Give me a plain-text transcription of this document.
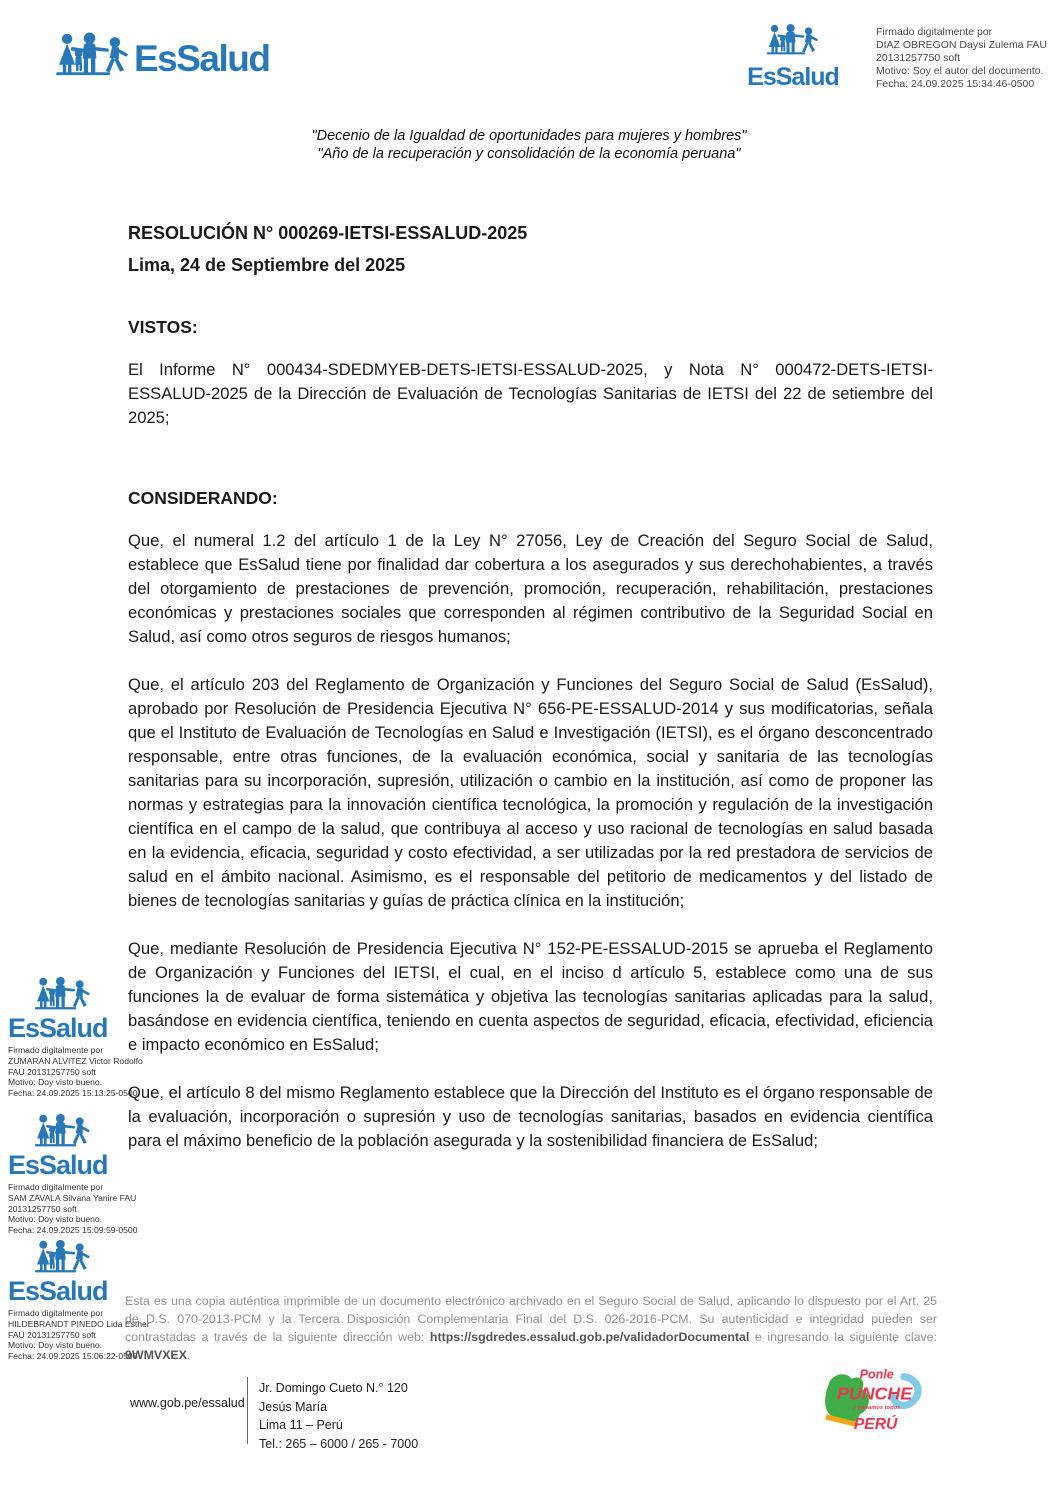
EsSalud	EsSalud
Firmado digitalmente por
DIAZ OBREGON Daysi Zulema FAU
20131257750 soft
Motivo: Soy el autor del documento.
Fecha: 24.09.2025 15:34:46-0500
"Decenio de la Igualdad de oportunidades para mujeres y hombres"
"Año de la recuperación y consolidación de la economía peruana"
RESOLUCIÓN N° 000269-IETSI-ESSALUD-2025
Lima, 24 de Septiembre del 2025
VISTOS:

El Informe N° 000434-SDEDMYEB-DETS-IETSI-ESSALUD-2025, y Nota N° 000472-DETS-IETSI-ESSALUD-2025 de la Dirección de Evaluación de Tecnologías Sanitarias de IETSI del 22 de setiembre del 2025;

CONSIDERANDO:

Que, el numeral 1.2 del artículo 1 de la Ley N° 27056, Ley de Creación del Seguro Social de Salud, establece que EsSalud tiene por finalidad dar cobertura a los asegurados y sus derechohabientes, a través del otorgamiento de prestaciones de prevención, promoción, recuperación, rehabilitación, prestaciones económicas y prestaciones sociales que corresponden al régimen contributivo de la Seguridad Social en Salud, así como otros seguros de riesgos humanos;

Que, el artículo 203 del Reglamento de Organización y Funciones del Seguro Social de Salud (EsSalud), aprobado por Resolución de Presidencia Ejecutiva N° 656-PE-ESSALUD-2014 y sus modificatorias, señala que el Instituto de Evaluación de Tecnologías en Salud e Investigación (IETSI), es el órgano desconcentrado responsable, entre otras funciones, de la evaluación económica, social y sanitaria de las tecnologías sanitarias para su incorporación, supresión, utilización o cambio en la institución, así como de proponer las normas y estrategias para la innovación científica tecnológica, la promoción y regulación de la investigación científica en el campo de la salud, que contribuya al acceso y uso racional de tecnologías en salud basada en la evidencia, eficacia, seguridad y costo efectividad, a ser utilizadas por la red prestadora de servicios de salud en el ámbito nacional. Asimismo, es el responsable del petitorio de medicamentos y del listado de bienes de tecnologías sanitarias y guías de práctica clínica en la institución;

Que, mediante Resolución de Presidencia Ejecutiva N° 152-PE-ESSALUD-2015 se aprueba el Reglamento de Organización y Funciones del IETSI, el cual, en el inciso d artículo 5, establece como una de sus funciones la de evaluar de forma sistemática y objetiva las tecnologías sanitarias aplicadas para la salud, basándose en evidencia científica, teniendo en cuenta aspectos de seguridad, eficacia, efectividad, eficiencia e impacto económico en EsSalud;

Que, el artículo 8 del mismo Reglamento establece que la Dirección del Instituto es el órgano responsable de la evaluación, incorporación o supresión y uso de tecnologías sanitarias, basados en evidencia científica para el máximo beneficio de la población asegurada y la sostenibilidad financiera de EsSalud;

EsSalud
Firmado digitalmente por
ZUMARAN ALVITEZ Victor Rodolfo
FAU 20131257750 soft
Motivo: Doy visto bueno.
Fecha: 24.09.2025 15:13:25-0500
EsSalud
Firmado digitalmente por
SAM ZAVALA Silvana Yanire FAU
20131257750 soft
Motivo: Doy visto bueno.
Fecha: 24.09.2025 15:09:59-0500
EsSalud
Firmado digitalmente por
HILDEBRANDT PINEDO Lida Esther
FAU 20131257750 soft
Motivo: Doy visto bueno.
Fecha: 24.09.2025 15:06:22-0500
Esta es una copia auténtica imprimible de un documento electrónico archivado en el Seguro Social de Salud, aplicando lo dispuesto por el Art. 25 de D.S. 070-2013-PCM y la Tercera Disposición Complementaria Final del D.S. 026-2016-PCM. Su autenticidad e integridad pueden ser contrastadas a través de la siguiente dirección web: https://sgdredes.essalud.gob.pe/validadorDocumental e ingresando la siguiente clave: 9WMVXEX.
www.gob.pe/essalud
Jr. Domingo Cueto N.° 120
Jesús María
Lima 11 – Perú
Tel.: 265 – 6000 / 265 - 7000
Ponle
PUNCHE
y ganamos todos
PERÚ
